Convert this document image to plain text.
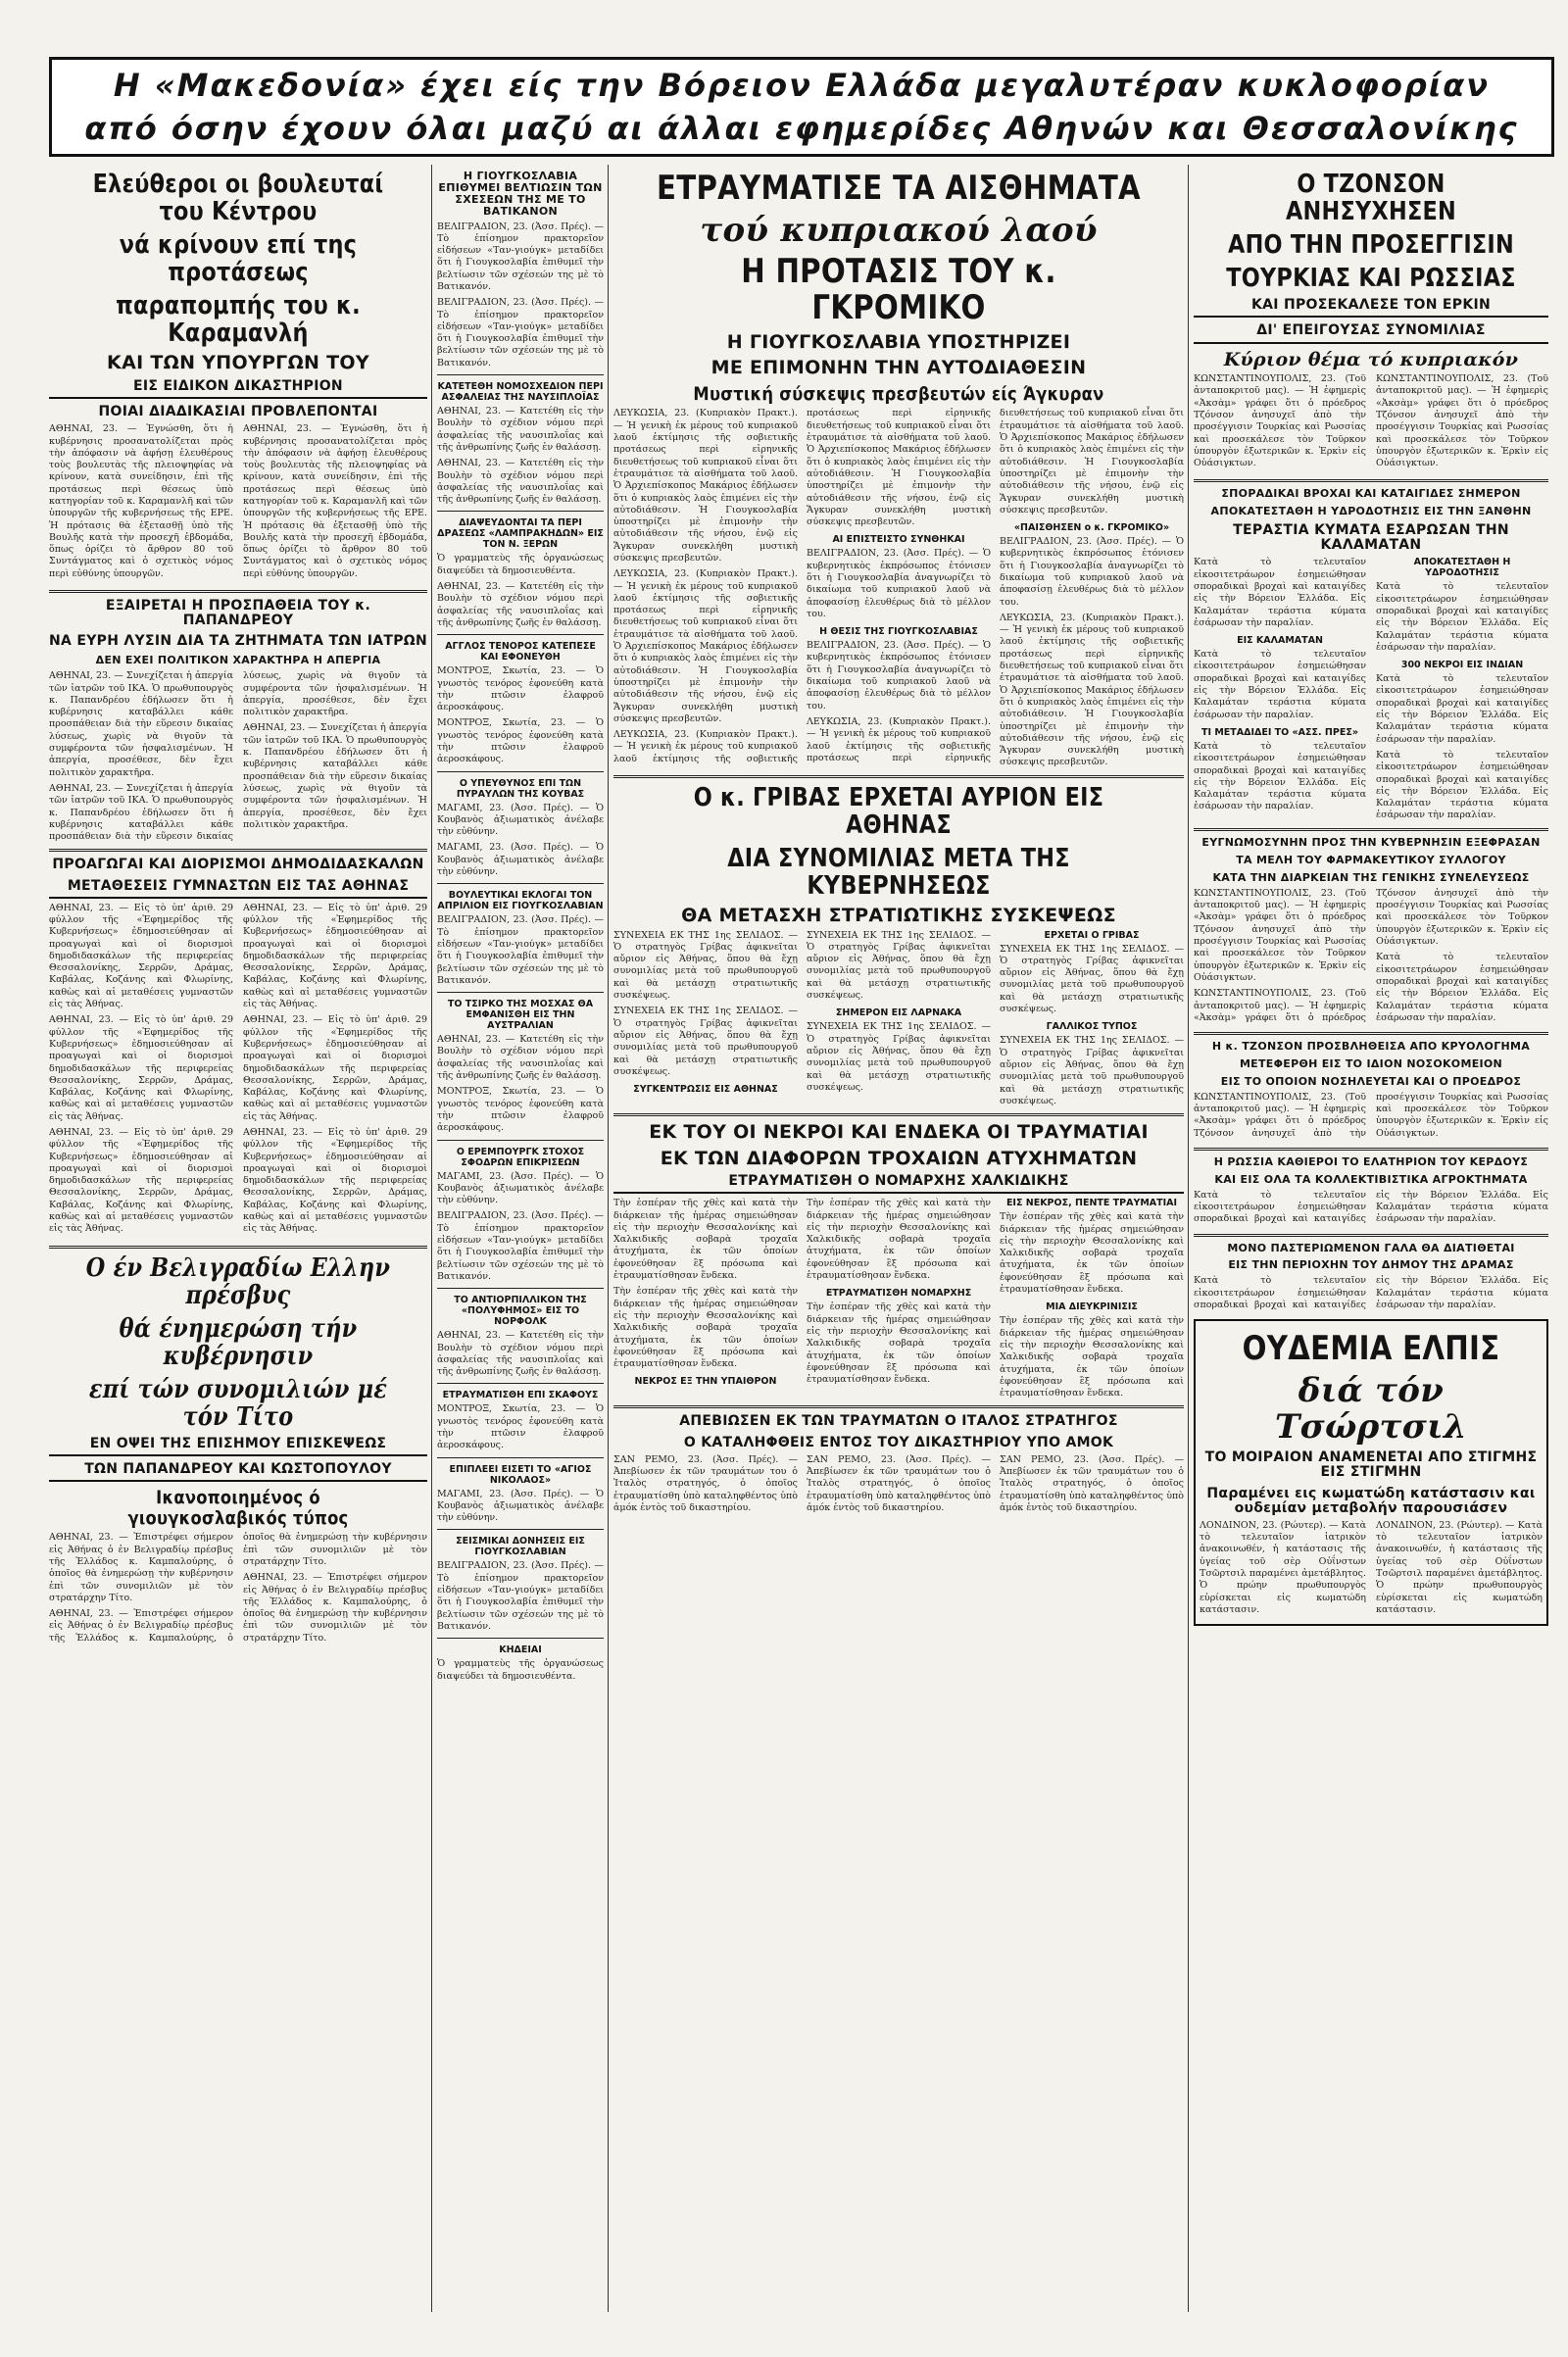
Η «Μακεδονία» έχει είς την Βόρειον Ελλάδα μεγαλυτέραν κυκλοφορίαν
από όσην έχουν όλαι μαζύ αι άλλαι εφημερίδες Αθηνών και Θεσσαλονίκης
Ελεύθεροι οι βουλευταί του Κέντρου
νά κρίνουν επί της προτάσεως
παραπομπής του κ. Καραμανλή
ΚΑΙ ΤΩΝ ΥΠΟΥΡΓΩΝ ΤΟΥ
ΕΙΣ ΕΙΔΙΚΟΝ ΔΙΚΑΣΤΗΡΙΟΝ
ΠΟΙΑΙ ΔΙΑΔΙΚΑΣΙΑΙ ΠΡΟΒΛΕΠΟΝΤΑΙ

ΑΘΗΝΑΙ, 23. — Ἐγνώσθη, ὅτι ἡ κυβέρνησις προσανατολίζεται πρὸς τὴν ἀπόφασιν νὰ ἀφήσῃ ἐλευθέρους τοὺς βουλευτὰς τῆς πλειοψηφίας νὰ κρίνουν, κατὰ συνείδησιν, ἐπὶ τῆς προτάσεως περὶ θέσεως ὑπὸ κατηγορίαν τοῦ κ. Καραμανλῆ καὶ τῶν ὑπουργῶν τῆς κυβερνήσεως τῆς ΕΡΕ. Ἡ πρότασις θὰ ἐξετασθῇ ὑπὸ τῆς Βουλῆς κατὰ τὴν προσεχῆ ἑβδομάδα, ὅπως ὁρίζει τὸ ἄρθρον 80 τοῦ Συντάγματος καὶ ὁ σχετικὸς νόμος περὶ εὐθύνης ὑπουργῶν.

ΑΘΗΝΑΙ, 23. — Ἐγνώσθη, ὅτι ἡ κυβέρνησις προσανατολίζεται πρὸς τὴν ἀπόφασιν νὰ ἀφήσῃ ἐλευθέρους τοὺς βουλευτὰς τῆς πλειοψηφίας νὰ κρίνουν, κατὰ συνείδησιν, ἐπὶ τῆς προτάσεως περὶ θέσεως ὑπὸ κατηγορίαν τοῦ κ. Καραμανλῆ καὶ τῶν ὑπουργῶν τῆς κυβερνήσεως τῆς ΕΡΕ. Ἡ πρότασις θὰ ἐξετασθῇ ὑπὸ τῆς Βουλῆς κατὰ τὴν προσεχῆ ἑβδομάδα, ὅπως ὁρίζει τὸ ἄρθρον 80 τοῦ Συντάγματος καὶ ὁ σχετικὸς νόμος περὶ εὐθύνης ὑπουργῶν.

ΕΞΑΙΡΕΤΑΙ Η ΠΡΟΣΠΑΘΕΙΑ ΤΟΥ κ. ΠΑΠΑΝΔΡΕΟΥ
ΝΑ ΕΥΡΗ ΛΥΣΙΝ ΔΙΑ ΤΑ ΖΗΤΗΜΑΤΑ ΤΩΝ ΙΑΤΡΩΝ
ΔΕΝ ΕΧΕΙ ΠΟΛΙΤΙΚΟΝ ΧΑΡΑΚΤΗΡΑ Η ΑΠΕΡΓΙΑ

ΑΘΗΝΑΙ, 23. — Συνεχίζεται ἡ ἀπεργία τῶν ἰατρῶν τοῦ ΙΚΑ. Ὁ πρωθυπουργὸς κ. Παπανδρέου ἐδήλωσεν ὅτι ἡ κυβέρνησις καταβάλλει κάθε προσπάθειαν διὰ τὴν εὕρεσιν δικαίας λύσεως, χωρὶς νὰ θιγοῦν τὰ συμφέροντα τῶν ἠσφαλισμένων. Ἡ ἀπεργία, προσέθεσε, δὲν ἔχει πολιτικὸν χαρακτῆρα.

ΑΘΗΝΑΙ, 23. — Συνεχίζεται ἡ ἀπεργία τῶν ἰατρῶν τοῦ ΙΚΑ. Ὁ πρωθυπουργὸς κ. Παπανδρέου ἐδήλωσεν ὅτι ἡ κυβέρνησις καταβάλλει κάθε προσπάθειαν διὰ τὴν εὕρεσιν δικαίας λύσεως, χωρὶς νὰ θιγοῦν τὰ συμφέροντα τῶν ἠσφαλισμένων. Ἡ ἀπεργία, προσέθεσε, δὲν ἔχει πολιτικὸν χαρακτῆρα.

ΑΘΗΝΑΙ, 23. — Συνεχίζεται ἡ ἀπεργία τῶν ἰατρῶν τοῦ ΙΚΑ. Ὁ πρωθυπουργὸς κ. Παπανδρέου ἐδήλωσεν ὅτι ἡ κυβέρνησις καταβάλλει κάθε προσπάθειαν διὰ τὴν εὕρεσιν δικαίας λύσεως, χωρὶς νὰ θιγοῦν τὰ συμφέροντα τῶν ἠσφαλισμένων. Ἡ ἀπεργία, προσέθεσε, δὲν ἔχει πολιτικὸν χαρακτῆρα.

ΠΡΟΑΓΩΓΑΙ ΚΑΙ ΔΙΟΡΙΣΜΟΙ ΔΗΜΟΔΙΔΑΣΚΑΛΩΝ
ΜΕΤΑΘΕΣΕΙΣ ΓΥΜΝΑΣΤΩΝ ΕΙΣ ΤΑΣ ΑΘΗΝΑΣ

ΑΘΗΝΑΙ, 23. — Εἰς τὸ ὑπ' ἀριθ. 29 φύλλον τῆς «Ἐφημερίδος τῆς Κυβερνήσεως» ἐδημοσιεύθησαν αἱ προαγωγαὶ καὶ οἱ διορισμοὶ δημοδιδασκάλων τῆς περιφερείας Θεσσαλονίκης, Σερρῶν, Δράμας, Καβάλας, Κοζάνης καὶ Φλωρίνης, καθὼς καὶ αἱ μεταθέσεις γυμναστῶν εἰς τὰς Ἀθήνας.

ΑΘΗΝΑΙ, 23. — Εἰς τὸ ὑπ' ἀριθ. 29 φύλλον τῆς «Ἐφημερίδος τῆς Κυβερνήσεως» ἐδημοσιεύθησαν αἱ προαγωγαὶ καὶ οἱ διορισμοὶ δημοδιδασκάλων τῆς περιφερείας Θεσσαλονίκης, Σερρῶν, Δράμας, Καβάλας, Κοζάνης καὶ Φλωρίνης, καθὼς καὶ αἱ μεταθέσεις γυμναστῶν εἰς τὰς Ἀθήνας.

ΑΘΗΝΑΙ, 23. — Εἰς τὸ ὑπ' ἀριθ. 29 φύλλον τῆς «Ἐφημερίδος τῆς Κυβερνήσεως» ἐδημοσιεύθησαν αἱ προαγωγαὶ καὶ οἱ διορισμοὶ δημοδιδασκάλων τῆς περιφερείας Θεσσαλονίκης, Σερρῶν, Δράμας, Καβάλας, Κοζάνης καὶ Φλωρίνης, καθὼς καὶ αἱ μεταθέσεις γυμναστῶν εἰς τὰς Ἀθήνας.

ΑΘΗΝΑΙ, 23. — Εἰς τὸ ὑπ' ἀριθ. 29 φύλλον τῆς «Ἐφημερίδος τῆς Κυβερνήσεως» ἐδημοσιεύθησαν αἱ προαγωγαὶ καὶ οἱ διορισμοὶ δημοδιδασκάλων τῆς περιφερείας Θεσσαλονίκης, Σερρῶν, Δράμας, Καβάλας, Κοζάνης καὶ Φλωρίνης, καθὼς καὶ αἱ μεταθέσεις γυμναστῶν εἰς τὰς Ἀθήνας.

ΑΘΗΝΑΙ, 23. — Εἰς τὸ ὑπ' ἀριθ. 29 φύλλον τῆς «Ἐφημερίδος τῆς Κυβερνήσεως» ἐδημοσιεύθησαν αἱ προαγωγαὶ καὶ οἱ διορισμοὶ δημοδιδασκάλων τῆς περιφερείας Θεσσαλονίκης, Σερρῶν, Δράμας, Καβάλας, Κοζάνης καὶ Φλωρίνης, καθὼς καὶ αἱ μεταθέσεις γυμναστῶν εἰς τὰς Ἀθήνας.

ΑΘΗΝΑΙ, 23. — Εἰς τὸ ὑπ' ἀριθ. 29 φύλλον τῆς «Ἐφημερίδος τῆς Κυβερνήσεως» ἐδημοσιεύθησαν αἱ προαγωγαὶ καὶ οἱ διορισμοὶ δημοδιδασκάλων τῆς περιφερείας Θεσσαλονίκης, Σερρῶν, Δράμας, Καβάλας, Κοζάνης καὶ Φλωρίνης, καθὼς καὶ αἱ μεταθέσεις γυμναστῶν εἰς τὰς Ἀθήνας.

Ο έν Βελιγραδίω Ελλην πρέσβυς
θά ένημερώση τήν κυβέρνησιν
επί τών συνομιλιών μέ τόν Τίτο
ΕΝ ΟΨΕΙ ΤΗΣ ΕΠΙΣΗΜΟΥ ΕΠΙΣΚΕΨΕΩΣ
ΤΩΝ ΠΑΠΑΝΔΡΕΟΥ ΚΑΙ ΚΩΣΤΟΠΟΥΛΟΥ
Ικανοποιημένος ό γιουγκοσλαβικός τύπος

ΑΘΗΝΑΙ, 23. — Ἐπιστρέφει σήμερον εἰς Ἀθήνας ὁ ἐν Βελιγραδίῳ πρέσβυς τῆς Ἑλλάδος κ. Καμπαλούρης, ὁ ὁποῖος θὰ ἐνημερώσῃ τὴν κυβέρνησιν ἐπὶ τῶν συνομιλιῶν μὲ τὸν στρατάρχην Τίτο.

ΑΘΗΝΑΙ, 23. — Ἐπιστρέφει σήμερον εἰς Ἀθήνας ὁ ἐν Βελιγραδίῳ πρέσβυς τῆς Ἑλλάδος κ. Καμπαλούρης, ὁ ὁποῖος θὰ ἐνημερώσῃ τὴν κυβέρνησιν ἐπὶ τῶν συνομιλιῶν μὲ τὸν στρατάρχην Τίτο.

ΑΘΗΝΑΙ, 23. — Ἐπιστρέφει σήμερον εἰς Ἀθήνας ὁ ἐν Βελιγραδίῳ πρέσβυς τῆς Ἑλλάδος κ. Καμπαλούρης, ὁ ὁποῖος θὰ ἐνημερώσῃ τὴν κυβέρνησιν ἐπὶ τῶν συνομιλιῶν μὲ τὸν στρατάρχην Τίτο.

Η ΓΙΟΥΓΚΟΣΛΑΒΙΑ ΕΠΙΘΥΜΕΙ ΒΕΛΤΙΩΣΙΝ ΤΩΝ ΣΧΕΣΕΩΝ ΤΗΣ ΜΕ ΤΟ ΒΑΤΙΚΑΝΟΝ

ΒΕΛΙΓΡΑΔΙΟΝ, 23. (Ἀσσ. Πρές). — Τὸ ἐπίσημον πρακτορεῖον εἰδήσεων «Ταν-γιούγκ» μεταδίδει ὅτι ἡ Γιουγκοσλαβία ἐπιθυμεῖ τὴν βελτίωσιν τῶν σχέσεών της μὲ τὸ Βατικανόν.

ΒΕΛΙΓΡΑΔΙΟΝ, 23. (Ἀσσ. Πρές). — Τὸ ἐπίσημον πρακτορεῖον εἰδήσεων «Ταν-γιούγκ» μεταδίδει ὅτι ἡ Γιουγκοσλαβία ἐπιθυμεῖ τὴν βελτίωσιν τῶν σχέσεών της μὲ τὸ Βατικανόν.

ΚΑΤΕΤΕΘΗ ΝΟΜΟΣΧΕΔΙΟΝ ΠΕΡΙ ΑΣΦΑΛΕΙΑΣ ΤΗΣ ΝΑΥΣΙΠΛΟΪΑΣ

ΑΘΗΝΑΙ, 23. — Κατετέθη εἰς τὴν Βουλὴν τὸ σχέδιον νόμου περὶ ἀσφαλείας τῆς ναυσιπλοΐας καὶ τῆς ἀνθρωπίνης ζωῆς ἐν θαλάσσῃ.

ΑΘΗΝΑΙ, 23. — Κατετέθη εἰς τὴν Βουλὴν τὸ σχέδιον νόμου περὶ ἀσφαλείας τῆς ναυσιπλοΐας καὶ τῆς ἀνθρωπίνης ζωῆς ἐν θαλάσσῃ.

ΔΙΑΨΕΥΔΟΝΤΑΙ ΤΑ ΠΕΡΙ ΔΡΑΣΕΩΣ «ΛΑΜΠΡΑΚΗΔΩΝ» ΕΙΣ ΤΟΝ Ν. ΞΕΡΩΝ

Ὁ γραμματεὺς τῆς ὀργανώσεως διαψεύδει τὰ δημοσιευθέντα.

ΑΘΗΝΑΙ, 23. — Κατετέθη εἰς τὴν Βουλὴν τὸ σχέδιον νόμου περὶ ἀσφαλείας τῆς ναυσιπλοΐας καὶ τῆς ἀνθρωπίνης ζωῆς ἐν θαλάσσῃ.

ΑΓΓΛΟΣ ΤΕΝΟΡΟΣ ΚΑΤΕΠΕΣΕ ΚΑΙ ΕΦΟΝΕΥΘΗ

ΜΟΝΤΡΟΞ, Σκωτία, 23. — Ὁ γνωστὸς τενόρος ἐφονεύθη κατὰ τὴν πτῶσιν ἐλαφροῦ ἀεροσκάφους.

ΜΟΝΤΡΟΞ, Σκωτία, 23. — Ὁ γνωστὸς τενόρος ἐφονεύθη κατὰ τὴν πτῶσιν ἐλαφροῦ ἀεροσκάφους.

Ο ΥΠΕΥΘΥΝΟΣ ΕΠΙ ΤΩΝ ΠΥΡΑΥΛΩΝ ΤΗΣ ΚΟΥΒΑΣ

ΜΑΓΑΜΙ, 23. (Ἀσσ. Πρές). — Ὁ Κουβανὸς ἀξιωματικὸς ἀνέλαβε τὴν εὐθύνην.

ΜΑΓΑΜΙ, 23. (Ἀσσ. Πρές). — Ὁ Κουβανὸς ἀξιωματικὸς ἀνέλαβε τὴν εὐθύνην.

ΒΟΥΛΕΥΤΙΚΑΙ ΕΚΛΟΓΑΙ ΤΟΝ ΑΠΡΙΛΙΟΝ ΕΙΣ ΓΙΟΥΓΚΟΣΛΑΒΙΑΝ

ΒΕΛΙΓΡΑΔΙΟΝ, 23. (Ἀσσ. Πρές). — Τὸ ἐπίσημον πρακτορεῖον εἰδήσεων «Ταν-γιούγκ» μεταδίδει ὅτι ἡ Γιουγκοσλαβία ἐπιθυμεῖ τὴν βελτίωσιν τῶν σχέσεών της μὲ τὸ Βατικανόν.

ΤΟ ΤΣΙΡΚΟ ΤΗΣ ΜΟΣΧΑΣ ΘΑ ΕΜΦΑΝΙΣΘΗ ΕΙΣ ΤΗΝ ΑΥΣΤΡΑΛΙΑΝ

ΑΘΗΝΑΙ, 23. — Κατετέθη εἰς τὴν Βουλὴν τὸ σχέδιον νόμου περὶ ἀσφαλείας τῆς ναυσιπλοΐας καὶ τῆς ἀνθρωπίνης ζωῆς ἐν θαλάσσῃ.

ΜΟΝΤΡΟΞ, Σκωτία, 23. — Ὁ γνωστὸς τενόρος ἐφονεύθη κατὰ τὴν πτῶσιν ἐλαφροῦ ἀεροσκάφους.

Ο ΕΡΕΜΠΟΥΡΓΚ ΣΤΟΧΟΣ ΣΦΟΔΡΩΝ ΕΠΙΚΡΙΣΕΩΝ

ΜΑΓΑΜΙ, 23. (Ἀσσ. Πρές). — Ὁ Κουβανὸς ἀξιωματικὸς ἀνέλαβε τὴν εὐθύνην.

ΒΕΛΙΓΡΑΔΙΟΝ, 23. (Ἀσσ. Πρές). — Τὸ ἐπίσημον πρακτορεῖον εἰδήσεων «Ταν-γιούγκ» μεταδίδει ὅτι ἡ Γιουγκοσλαβία ἐπιθυμεῖ τὴν βελτίωσιν τῶν σχέσεών της μὲ τὸ Βατικανόν.

ΤΟ ΑΝΤΙΟΡΠΙΛΛΙΚΟΝ ΤΗΣ «ΠΟΛΥΦΗΜΟΣ» ΕΙΣ ΤΟ ΝΟΡΦΟΛΚ

ΑΘΗΝΑΙ, 23. — Κατετέθη εἰς τὴν Βουλὴν τὸ σχέδιον νόμου περὶ ἀσφαλείας τῆς ναυσιπλοΐας καὶ τῆς ἀνθρωπίνης ζωῆς ἐν θαλάσσῃ.

ΕΤΡΑΥΜΑΤΙΣΘΗ ΕΠΙ ΣΚΑΦΟΥΣ

ΜΟΝΤΡΟΞ, Σκωτία, 23. — Ὁ γνωστὸς τενόρος ἐφονεύθη κατὰ τὴν πτῶσιν ἐλαφροῦ ἀεροσκάφους.

ΕΠΙΠΛΕΕΙ ΕΙΣΕΤΙ ΤΟ «ΑΓΙΟΣ ΝΙΚΟΛΑΟΣ»

ΜΑΓΑΜΙ, 23. (Ἀσσ. Πρές). — Ὁ Κουβανὸς ἀξιωματικὸς ἀνέλαβε τὴν εὐθύνην.

ΣΕΙΣΜΙΚΑΙ ΔΟΝΗΣΕΙΣ ΕΙΣ ΓΙΟΥΓΚΟΣΛΑΒΙΑΝ

ΒΕΛΙΓΡΑΔΙΟΝ, 23. (Ἀσσ. Πρές). — Τὸ ἐπίσημον πρακτορεῖον εἰδήσεων «Ταν-γιούγκ» μεταδίδει ὅτι ἡ Γιουγκοσλαβία ἐπιθυμεῖ τὴν βελτίωσιν τῶν σχέσεών της μὲ τὸ Βατικανόν.

ΚΗΔΕΙΑΙ

Ὁ γραμματεὺς τῆς ὀργανώσεως διαψεύδει τὰ δημοσιευθέντα.

ΕΤΡΑΥΜΑΤΙΣΕ ΤΑ ΑΙΣΘΗΜΑΤΑ
τού κυπριακού λαού
Η ΠΡΟΤΑΣΙΣ ΤΟΥ κ. ΓΚΡΟΜΙΚΟ
Η ΓΙΟΥΓΚΟΣΛΑΒΙΑ ΥΠΟΣΤΗΡΙΖΕΙ
ΜΕ ΕΠΙΜΟΝΗΝ ΤΗΝ ΑΥΤΟΔΙΑΘΕΣΙΝ
Μυστική σύσκεψις πρεσβευτών είς Άγκυραν

ΛΕΥΚΩΣΙΑ, 23. (Κυπριακὸν Πρακτ.). — Ἡ γενικὴ ἐκ μέρους τοῦ κυπριακοῦ λαοῦ ἐκτίμησις τῆς σοβιετικῆς προτάσεως περὶ εἰρηνικῆς διευθετήσεως τοῦ κυπριακοῦ εἶναι ὅτι ἐτραυμάτισε τὰ αἰσθήματα τοῦ λαοῦ. Ὁ Ἀρχιεπίσκοπος Μακάριος ἐδήλωσεν ὅτι ὁ κυπριακὸς λαὸς ἐπιμένει εἰς τὴν αὐτοδιάθεσιν. Ἡ Γιουγκοσλαβία ὑποστηρίζει μὲ ἐπιμονὴν τὴν αὐτοδιάθεσιν τῆς νήσου, ἐνῷ εἰς Ἄγκυραν συνεκλήθη μυστικὴ σύσκεψις πρεσβευτῶν.

ΛΕΥΚΩΣΙΑ, 23. (Κυπριακὸν Πρακτ.). — Ἡ γενικὴ ἐκ μέρους τοῦ κυπριακοῦ λαοῦ ἐκτίμησις τῆς σοβιετικῆς προτάσεως περὶ εἰρηνικῆς διευθετήσεως τοῦ κυπριακοῦ εἶναι ὅτι ἐτραυμάτισε τὰ αἰσθήματα τοῦ λαοῦ. Ὁ Ἀρχιεπίσκοπος Μακάριος ἐδήλωσεν ὅτι ὁ κυπριακὸς λαὸς ἐπιμένει εἰς τὴν αὐτοδιάθεσιν. Ἡ Γιουγκοσλαβία ὑποστηρίζει μὲ ἐπιμονὴν τὴν αὐτοδιάθεσιν τῆς νήσου, ἐνῷ εἰς Ἄγκυραν συνεκλήθη μυστικὴ σύσκεψις πρεσβευτῶν.

ΛΕΥΚΩΣΙΑ, 23. (Κυπριακὸν Πρακτ.). — Ἡ γενικὴ ἐκ μέρους τοῦ κυπριακοῦ λαοῦ ἐκτίμησις τῆς σοβιετικῆς προτάσεως περὶ εἰρηνικῆς διευθετήσεως τοῦ κυπριακοῦ εἶναι ὅτι ἐτραυμάτισε τὰ αἰσθήματα τοῦ λαοῦ. Ὁ Ἀρχιεπίσκοπος Μακάριος ἐδήλωσεν ὅτι ὁ κυπριακὸς λαὸς ἐπιμένει εἰς τὴν αὐτοδιάθεσιν. Ἡ Γιουγκοσλαβία ὑποστηρίζει μὲ ἐπιμονὴν τὴν αὐτοδιάθεσιν τῆς νήσου, ἐνῷ εἰς Ἄγκυραν συνεκλήθη μυστικὴ σύσκεψις πρεσβευτῶν.

ΑΙ ΕΠΙΣΤΕΙΣΤΟ ΣΥΝΘΗΚΑΙ

ΒΕΛΙΓΡΑΔΙΟΝ, 23. (Ἀσσ. Πρές). — Ὁ κυβερνητικὸς ἐκπρόσωπος ἐτόνισεν ὅτι ἡ Γιουγκοσλαβία ἀναγνωρίζει τὸ δικαίωμα τοῦ κυπριακοῦ λαοῦ νὰ ἀποφασίσῃ ἐλευθέρως διὰ τὸ μέλλον του.

Η ΘΕΣΙΣ ΤΗΣ ΓΙΟΥΓΚΟΣΛΑΒΙΑΣ

ΒΕΛΙΓΡΑΔΙΟΝ, 23. (Ἀσσ. Πρές). — Ὁ κυβερνητικὸς ἐκπρόσωπος ἐτόνισεν ὅτι ἡ Γιουγκοσλαβία ἀναγνωρίζει τὸ δικαίωμα τοῦ κυπριακοῦ λαοῦ νὰ ἀποφασίσῃ ἐλευθέρως διὰ τὸ μέλλον του.

ΛΕΥΚΩΣΙΑ, 23. (Κυπριακὸν Πρακτ.). — Ἡ γενικὴ ἐκ μέρους τοῦ κυπριακοῦ λαοῦ ἐκτίμησις τῆς σοβιετικῆς προτάσεως περὶ εἰρηνικῆς διευθετήσεως τοῦ κυπριακοῦ εἶναι ὅτι ἐτραυμάτισε τὰ αἰσθήματα τοῦ λαοῦ. Ὁ Ἀρχιεπίσκοπος Μακάριος ἐδήλωσεν ὅτι ὁ κυπριακὸς λαὸς ἐπιμένει εἰς τὴν αὐτοδιάθεσιν. Ἡ Γιουγκοσλαβία ὑποστηρίζει μὲ ἐπιμονὴν τὴν αὐτοδιάθεσιν τῆς νήσου, ἐνῷ εἰς Ἄγκυραν συνεκλήθη μυστικὴ σύσκεψις πρεσβευτῶν.

«ΠΑΙΣΘΗΣΕΝ ο κ. ΓΚΡΟΜΙΚΟ»

ΒΕΛΙΓΡΑΔΙΟΝ, 23. (Ἀσσ. Πρές). — Ὁ κυβερνητικὸς ἐκπρόσωπος ἐτόνισεν ὅτι ἡ Γιουγκοσλαβία ἀναγνωρίζει τὸ δικαίωμα τοῦ κυπριακοῦ λαοῦ νὰ ἀποφασίσῃ ἐλευθέρως διὰ τὸ μέλλον του.

ΛΕΥΚΩΣΙΑ, 23. (Κυπριακὸν Πρακτ.). — Ἡ γενικὴ ἐκ μέρους τοῦ κυπριακοῦ λαοῦ ἐκτίμησις τῆς σοβιετικῆς προτάσεως περὶ εἰρηνικῆς διευθετήσεως τοῦ κυπριακοῦ εἶναι ὅτι ἐτραυμάτισε τὰ αἰσθήματα τοῦ λαοῦ. Ὁ Ἀρχιεπίσκοπος Μακάριος ἐδήλωσεν ὅτι ὁ κυπριακὸς λαὸς ἐπιμένει εἰς τὴν αὐτοδιάθεσιν. Ἡ Γιουγκοσλαβία ὑποστηρίζει μὲ ἐπιμονὴν τὴν αὐτοδιάθεσιν τῆς νήσου, ἐνῷ εἰς Ἄγκυραν συνεκλήθη μυστικὴ σύσκεψις πρεσβευτῶν.

Ο κ. ΓΡΙΒΑΣ ΕΡΧΕΤΑΙ ΑΥΡΙΟΝ ΕΙΣ ΑΘΗΝΑΣ
ΔΙΑ ΣΥΝΟΜΙΛΙΑΣ ΜΕΤΑ ΤΗΣ ΚΥΒΕΡΝΗΣΕΩΣ
ΘΑ ΜΕΤΑΣΧΗ ΣΤΡΑΤΙΩΤΙΚΗΣ ΣΥΣΚΕΨΕΩΣ

ΣΥΝΕΧΕΙΑ ΕΚ ΤΗΣ 1ης ΣΕΛΙΔΟΣ. — Ὁ στρατηγὸς Γρίβας ἀφικνεῖται αὔριον εἰς Ἀθήνας, ὅπου θὰ ἔχῃ συνομιλίας μετὰ τοῦ πρωθυπουργοῦ καὶ θὰ μετάσχῃ στρατιωτικῆς συσκέψεως.

ΣΥΝΕΧΕΙΑ ΕΚ ΤΗΣ 1ης ΣΕΛΙΔΟΣ. — Ὁ στρατηγὸς Γρίβας ἀφικνεῖται αὔριον εἰς Ἀθήνας, ὅπου θὰ ἔχῃ συνομιλίας μετὰ τοῦ πρωθυπουργοῦ καὶ θὰ μετάσχῃ στρατιωτικῆς συσκέψεως.

ΣΥΓΚΕΝΤΡΩΣΙΣ ΕΙΣ ΑΘΗΝΑΣ

ΣΥΝΕΧΕΙΑ ΕΚ ΤΗΣ 1ης ΣΕΛΙΔΟΣ. — Ὁ στρατηγὸς Γρίβας ἀφικνεῖται αὔριον εἰς Ἀθήνας, ὅπου θὰ ἔχῃ συνομιλίας μετὰ τοῦ πρωθυπουργοῦ καὶ θὰ μετάσχῃ στρατιωτικῆς συσκέψεως.

ΣΗΜΕΡΟΝ ΕΙΣ ΛΑΡΝΑΚΑ

ΣΥΝΕΧΕΙΑ ΕΚ ΤΗΣ 1ης ΣΕΛΙΔΟΣ. — Ὁ στρατηγὸς Γρίβας ἀφικνεῖται αὔριον εἰς Ἀθήνας, ὅπου θὰ ἔχῃ συνομιλίας μετὰ τοῦ πρωθυπουργοῦ καὶ θὰ μετάσχῃ στρατιωτικῆς συσκέψεως.

ΕΡΧΕΤΑΙ Ο ΓΡΙΒΑΣ

ΣΥΝΕΧΕΙΑ ΕΚ ΤΗΣ 1ης ΣΕΛΙΔΟΣ. — Ὁ στρατηγὸς Γρίβας ἀφικνεῖται αὔριον εἰς Ἀθήνας, ὅπου θὰ ἔχῃ συνομιλίας μετὰ τοῦ πρωθυπουργοῦ καὶ θὰ μετάσχῃ στρατιωτικῆς συσκέψεως.

ΓΑΛΛΙΚΟΣ ΤΥΠΟΣ

ΣΥΝΕΧΕΙΑ ΕΚ ΤΗΣ 1ης ΣΕΛΙΔΟΣ. — Ὁ στρατηγὸς Γρίβας ἀφικνεῖται αὔριον εἰς Ἀθήνας, ὅπου θὰ ἔχῃ συνομιλίας μετὰ τοῦ πρωθυπουργοῦ καὶ θὰ μετάσχῃ στρατιωτικῆς συσκέψεως.

ΕΚ ΤΟΥ ΟΙ ΝΕΚΡΟΙ ΚΑΙ ΕΝΔΕΚΑ ΟΙ ΤΡΑΥΜΑΤΙΑΙ
ΕΚ ΤΩΝ ΔΙΑΦΟΡΩΝ ΤΡΟΧΑΙΩΝ ΑΤΥΧΗΜΑΤΩΝ
ΕΤΡΑΥΜΑΤΙΣΘΗ Ο ΝΟΜΑΡΧΗΣ ΧΑΛΚΙΔΙΚΗΣ

Τὴν ἑσπέραν τῆς χθὲς καὶ κατὰ τὴν διάρκειαν τῆς ἡμέρας σημειώθησαν εἰς τὴν περιοχὴν Θεσσαλονίκης καὶ Χαλκιδικῆς σοβαρὰ τροχαῖα ἀτυχήματα, ἐκ τῶν ὁποίων ἐφονεύθησαν ἓξ πρόσωπα καὶ ἐτραυματίσθησαν ἕνδεκα.

Τὴν ἑσπέραν τῆς χθὲς καὶ κατὰ τὴν διάρκειαν τῆς ἡμέρας σημειώθησαν εἰς τὴν περιοχὴν Θεσσαλονίκης καὶ Χαλκιδικῆς σοβαρὰ τροχαῖα ἀτυχήματα, ἐκ τῶν ὁποίων ἐφονεύθησαν ἓξ πρόσωπα καὶ ἐτραυματίσθησαν ἕνδεκα.

ΝΕΚΡΟΣ ΕΞ ΤΗΝ ΥΠΑΙΘΡΟΝ

Τὴν ἑσπέραν τῆς χθὲς καὶ κατὰ τὴν διάρκειαν τῆς ἡμέρας σημειώθησαν εἰς τὴν περιοχὴν Θεσσαλονίκης καὶ Χαλκιδικῆς σοβαρὰ τροχαῖα ἀτυχήματα, ἐκ τῶν ὁποίων ἐφονεύθησαν ἓξ πρόσωπα καὶ ἐτραυματίσθησαν ἕνδεκα.

ΕΤΡΑΥΜΑΤΙΣΘΗ ΝΟΜΑΡΧΗΣ

Τὴν ἑσπέραν τῆς χθὲς καὶ κατὰ τὴν διάρκειαν τῆς ἡμέρας σημειώθησαν εἰς τὴν περιοχὴν Θεσσαλονίκης καὶ Χαλκιδικῆς σοβαρὰ τροχαῖα ἀτυχήματα, ἐκ τῶν ὁποίων ἐφονεύθησαν ἓξ πρόσωπα καὶ ἐτραυματίσθησαν ἕνδεκα.

ΕΙΣ ΝΕΚΡΟΣ, ΠΕΝΤΕ ΤΡΑΥΜΑΤΙΑΙ

Τὴν ἑσπέραν τῆς χθὲς καὶ κατὰ τὴν διάρκειαν τῆς ἡμέρας σημειώθησαν εἰς τὴν περιοχὴν Θεσσαλονίκης καὶ Χαλκιδικῆς σοβαρὰ τροχαῖα ἀτυχήματα, ἐκ τῶν ὁποίων ἐφονεύθησαν ἓξ πρόσωπα καὶ ἐτραυματίσθησαν ἕνδεκα.

ΜΙΑ ΔΙΕΥΚΡΙΝΙΣΙΣ

Τὴν ἑσπέραν τῆς χθὲς καὶ κατὰ τὴν διάρκειαν τῆς ἡμέρας σημειώθησαν εἰς τὴν περιοχὴν Θεσσαλονίκης καὶ Χαλκιδικῆς σοβαρὰ τροχαῖα ἀτυχήματα, ἐκ τῶν ὁποίων ἐφονεύθησαν ἓξ πρόσωπα καὶ ἐτραυματίσθησαν ἕνδεκα.

ΑΠΕΒΙΩΣΕΝ ΕΚ ΤΩΝ ΤΡΑΥΜΑΤΩΝ Ο ΙΤΑΛΟΣ ΣΤΡΑΤΗΓΟΣ
Ο ΚΑΤΑΛΗΦΘΕΙΣ ΕΝΤΟΣ ΤΟΥ ΔΙΚΑΣΤΗΡΙΟΥ ΥΠΟ ΑΜΟΚ

ΣΑΝ ΡΕΜΟ, 23. (Ἀσσ. Πρές). — Ἀπεβίωσεν ἐκ τῶν τραυμάτων του ὁ Ἰταλὸς στρατηγός, ὁ ὁποῖος ἐτραυματίσθη ὑπὸ καταληφθέντος ὑπὸ ἀμόκ ἐντὸς τοῦ δικαστηρίου.

ΣΑΝ ΡΕΜΟ, 23. (Ἀσσ. Πρές). — Ἀπεβίωσεν ἐκ τῶν τραυμάτων του ὁ Ἰταλὸς στρατηγός, ὁ ὁποῖος ἐτραυματίσθη ὑπὸ καταληφθέντος ὑπὸ ἀμόκ ἐντὸς τοῦ δικαστηρίου.

ΣΑΝ ΡΕΜΟ, 23. (Ἀσσ. Πρές). — Ἀπεβίωσεν ἐκ τῶν τραυμάτων του ὁ Ἰταλὸς στρατηγός, ὁ ὁποῖος ἐτραυματίσθη ὑπὸ καταληφθέντος ὑπὸ ἀμόκ ἐντὸς τοῦ δικαστηρίου.

Ο ΤΖΟΝΣΟΝ ΑΝΗΣΥΧΗΣΕΝ
ΑΠΟ ΤΗΝ ΠΡΟΣΕΓΓΙΣΙΝ
ΤΟΥΡΚΙΑΣ ΚΑΙ ΡΩΣΣΙΑΣ
ΚΑΙ ΠΡΟΣΕΚΑΛΕΣΕ ΤΟΝ ΕΡΚΙΝ
ΔΙ' ΕΠΕΙΓΟΥΣΑΣ ΣΥΝΟΜΙΛΙΑΣ
Κύριον θέμα τό κυπριακόν

ΚΩΝΣΤΑΝΤΙΝΟΥΠΟΛΙΣ, 23. (Τοῦ ἀνταποκριτοῦ μας). — Ἡ ἐφημερὶς «Ἀκσὰμ» γράφει ὅτι ὁ πρόεδρος Τζόνσον ἀνησυχεῖ ἀπὸ τὴν προσέγγισιν Τουρκίας καὶ Ρωσσίας καὶ προσεκάλεσε τὸν Τοῦρκον ὑπουργὸν ἐξωτερικῶν κ. Ἐρκὶν εἰς Οὐάσιγκτων.

ΚΩΝΣΤΑΝΤΙΝΟΥΠΟΛΙΣ, 23. (Τοῦ ἀνταποκριτοῦ μας). — Ἡ ἐφημερὶς «Ἀκσὰμ» γράφει ὅτι ὁ πρόεδρος Τζόνσον ἀνησυχεῖ ἀπὸ τὴν προσέγγισιν Τουρκίας καὶ Ρωσσίας καὶ προσεκάλεσε τὸν Τοῦρκον ὑπουργὸν ἐξωτερικῶν κ. Ἐρκὶν εἰς Οὐάσιγκτων.

ΣΠΟΡΑΔΙΚΑΙ ΒΡΟΧΑΙ ΚΑΙ ΚΑΤΑΙΓΙΔΕΣ ΣΗΜΕΡΟΝ
ΑΠΟΚΑΤΕΣΤΑΘΗ Η ΥΔΡΟΔΟΤΗΣΙΣ ΕΙΣ ΤΗΝ ΞΑΝΘΗΝ
ΤΕΡΑΣΤΙΑ ΚΥΜΑΤΑ ΕΣΑΡΩΣΑΝ ΤΗΝ ΚΑΛΑΜΑΤΑΝ

Κατὰ τὸ τελευταῖον εἰκοσιτετράωρον ἐσημειώθησαν σποραδικαὶ βροχαὶ καὶ καταιγίδες εἰς τὴν Βόρειον Ἑλλάδα. Εἰς Καλαμάταν τεράστια κύματα ἐσάρωσαν τὴν παραλίαν.

ΕΙΣ ΚΑΛΑΜΑΤΑΝ

Κατὰ τὸ τελευταῖον εἰκοσιτετράωρον ἐσημειώθησαν σποραδικαὶ βροχαὶ καὶ καταιγίδες εἰς τὴν Βόρειον Ἑλλάδα. Εἰς Καλαμάταν τεράστια κύματα ἐσάρωσαν τὴν παραλίαν.

ΤΙ ΜΕΤΑΔΙΔΕΙ ΤΟ «ΑΣΣ. ΠΡΕΣ»

Κατὰ τὸ τελευταῖον εἰκοσιτετράωρον ἐσημειώθησαν σποραδικαὶ βροχαὶ καὶ καταιγίδες εἰς τὴν Βόρειον Ἑλλάδα. Εἰς Καλαμάταν τεράστια κύματα ἐσάρωσαν τὴν παραλίαν.

ΑΠΟΚΑΤΕΣΤΑΘΗ Η ΥΔΡΟΔΟΤΗΣΙΣ

Κατὰ τὸ τελευταῖον εἰκοσιτετράωρον ἐσημειώθησαν σποραδικαὶ βροχαὶ καὶ καταιγίδες εἰς τὴν Βόρειον Ἑλλάδα. Εἰς Καλαμάταν τεράστια κύματα ἐσάρωσαν τὴν παραλίαν.

300 ΝΕΚΡΟΙ ΕΙΣ ΙΝΔΙΑΝ

Κατὰ τὸ τελευταῖον εἰκοσιτετράωρον ἐσημειώθησαν σποραδικαὶ βροχαὶ καὶ καταιγίδες εἰς τὴν Βόρειον Ἑλλάδα. Εἰς Καλαμάταν τεράστια κύματα ἐσάρωσαν τὴν παραλίαν.

Κατὰ τὸ τελευταῖον εἰκοσιτετράωρον ἐσημειώθησαν σποραδικαὶ βροχαὶ καὶ καταιγίδες εἰς τὴν Βόρειον Ἑλλάδα. Εἰς Καλαμάταν τεράστια κύματα ἐσάρωσαν τὴν παραλίαν.

ΕΥΓΝΩΜΟΣΥΝΗΝ ΠΡΟΣ ΤΗΝ ΚΥΒΕΡΝΗΣΙΝ ΕΞΕΦΡΑΣΑΝ
ΤΑ ΜΕΛΗ ΤΟΥ ΦΑΡΜΑΚΕΥΤΙΚΟΥ ΣΥΛΛΟΓΟΥ
ΚΑΤΑ ΤΗΝ ΔΙΑΡΚΕΙΑΝ ΤΗΣ ΓΕΝΙΚΗΣ ΣΥΝΕΛΕΥΣΕΩΣ

ΚΩΝΣΤΑΝΤΙΝΟΥΠΟΛΙΣ, 23. (Τοῦ ἀνταποκριτοῦ μας). — Ἡ ἐφημερὶς «Ἀκσὰμ» γράφει ὅτι ὁ πρόεδρος Τζόνσον ἀνησυχεῖ ἀπὸ τὴν προσέγγισιν Τουρκίας καὶ Ρωσσίας καὶ προσεκάλεσε τὸν Τοῦρκον ὑπουργὸν ἐξωτερικῶν κ. Ἐρκὶν εἰς Οὐάσιγκτων.

ΚΩΝΣΤΑΝΤΙΝΟΥΠΟΛΙΣ, 23. (Τοῦ ἀνταποκριτοῦ μας). — Ἡ ἐφημερὶς «Ἀκσὰμ» γράφει ὅτι ὁ πρόεδρος Τζόνσον ἀνησυχεῖ ἀπὸ τὴν προσέγγισιν Τουρκίας καὶ Ρωσσίας καὶ προσεκάλεσε τὸν Τοῦρκον ὑπουργὸν ἐξωτερικῶν κ. Ἐρκὶν εἰς Οὐάσιγκτων.

Κατὰ τὸ τελευταῖον εἰκοσιτετράωρον ἐσημειώθησαν σποραδικαὶ βροχαὶ καὶ καταιγίδες εἰς τὴν Βόρειον Ἑλλάδα. Εἰς Καλαμάταν τεράστια κύματα ἐσάρωσαν τὴν παραλίαν.

Η κ. ΤΖΟΝΣΟΝ ΠΡΟΣΒΛΗΘΕΙΣΑ ΑΠΟ ΚΡΥΟΛΟΓΗΜΑ
ΜΕΤΕΦΕΡΘΗ ΕΙΣ ΤΟ ΙΔΙΟΝ ΝΟΣΟΚΟΜΕΙΟΝ
ΕΙΣ ΤΟ ΟΠΟΙΟΝ ΝΟΣΗΛΕΥΕΤΑΙ ΚΑΙ Ο ΠΡΟΕΔΡΟΣ

ΚΩΝΣΤΑΝΤΙΝΟΥΠΟΛΙΣ, 23. (Τοῦ ἀνταποκριτοῦ μας). — Ἡ ἐφημερὶς «Ἀκσὰμ» γράφει ὅτι ὁ πρόεδρος Τζόνσον ἀνησυχεῖ ἀπὸ τὴν προσέγγισιν Τουρκίας καὶ Ρωσσίας καὶ προσεκάλεσε τὸν Τοῦρκον ὑπουργὸν ἐξωτερικῶν κ. Ἐρκὶν εἰς Οὐάσιγκτων.

Η ΡΩΣΣΙΑ ΚΑΘΙΕΡΟΙ ΤΟ ΕΛΑΤΗΡΙΟΝ ΤΟΥ ΚΕΡΔΟΥΣ
ΚΑΙ ΕΙΣ ΟΛΑ ΤΑ ΚΟΛΛΕΚΤΙΒΙΣΤΙΚΑ ΑΓΡΟΚΤΗΜΑΤΑ

Κατὰ τὸ τελευταῖον εἰκοσιτετράωρον ἐσημειώθησαν σποραδικαὶ βροχαὶ καὶ καταιγίδες εἰς τὴν Βόρειον Ἑλλάδα. Εἰς Καλαμάταν τεράστια κύματα ἐσάρωσαν τὴν παραλίαν.

ΜΟΝΟ ΠΑΣΤΕΡΙΩΜΕΝΟΝ ΓΑΛΑ ΘΑ ΔΙΑΤΙΘΕΤΑΙ
ΕΙΣ ΤΗΝ ΠΕΡΙΟΧΗΝ ΤΟΥ ΔΗΜΟΥ ΤΗΣ ΔΡΑΜΑΣ

Κατὰ τὸ τελευταῖον εἰκοσιτετράωρον ἐσημειώθησαν σποραδικαὶ βροχαὶ καὶ καταιγίδες εἰς τὴν Βόρειον Ἑλλάδα. Εἰς Καλαμάταν τεράστια κύματα ἐσάρωσαν τὴν παραλίαν.

ΟΥΔΕΜΙΑ ΕΛΠΙΣ
διά τόν Τσώρτσιλ
ΤΟ ΜΟΙΡΑΙΟΝ ΑΝΑΜΕΝΕΤΑΙ ΑΠΟ ΣΤΙΓΜΗΣ ΕΙΣ ΣΤΙΓΜΗΝ
Παραμένει εις κωματώδη κατάστασιν και ουδεμίαν μεταβολήν παρουσιάσεν

ΛΟΝΔΙΝΟΝ, 23. (Ρώυτερ). — Κατὰ τὸ τελευταῖον ἰατρικὸν ἀνακοινωθέν, ἡ κατάστασις τῆς ὑγείας τοῦ σὲρ Οὐΐνστων Τσῶρτσιλ παραμένει ἀμετάβλητος. Ὁ πρώην πρωθυπουργὸς εὑρίσκεται εἰς κωματώδη κατάστασιν.

ΛΟΝΔΙΝΟΝ, 23. (Ρώυτερ). — Κατὰ τὸ τελευταῖον ἰατρικὸν ἀνακοινωθέν, ἡ κατάστασις τῆς ὑγείας τοῦ σὲρ Οὐΐνστων Τσῶρτσιλ παραμένει ἀμετάβλητος. Ὁ πρώην πρωθυπουργὸς εὑρίσκεται εἰς κωματώδη κατάστασιν.
